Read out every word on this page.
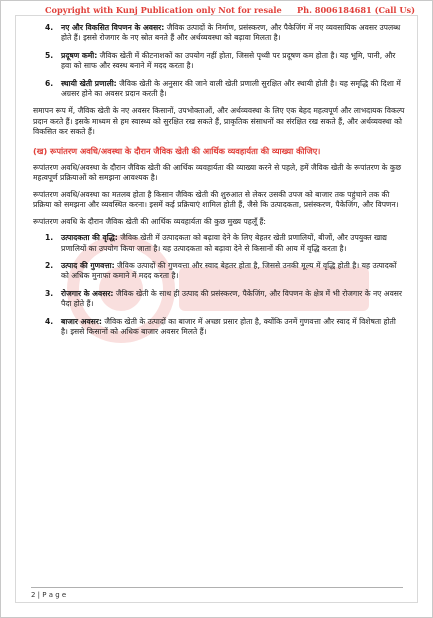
Copyright with Kunj Publication only Not for resale Ph. 8006184681 (Call Us)
4.	नए और विकसित विपणन के अवसर: जैविक उत्पादों के निर्माण, प्रसंस्करण, और पैकेजिंग में नए व्यवसायिक अवसर उपलब्ध होते हैं। इससे रोजगार के नए स्रोत बनते हैं और अर्थव्यवस्था को बढ़ावा मिलता है।
5.	प्रदूषण कमी: जैविक खेती में कीटनाशकों का उपयोग नहीं होता, जिससे पृथ्वी पर प्रदूषण कम होता है। यह भूमि, पानी, और हवा को साफ और स्वस्थ बनाने में मदद करता है।
6.	स्थायी खेती प्रणाली: जैविक खेती के अनुसार की जाने वाली खेती प्रणाली सुरक्षित और स्थायी होती है। यह समृद्धि की दिशा में अग्रसर होने का अवसर प्रदान करती है।

समापन रूप में, जैविक खेती के नए अवसर किसानों, उपभोक्ताओं, और अर्थव्यवस्था के लिए एक बेहद महत्वपूर्ण और लाभदायक विकल्प प्रदान करते हैं। इसके माध्यम से हम स्वास्थ्य को सुरक्षित रख सकते हैं, प्राकृतिक संसाधनों का संरक्षित रख सकते हैं, और अर्थव्यवस्था को विकसित कर सकते हैं।

(ख) रूपांतरण अवधि/अवस्था के दौरान जैविक खेती की आर्थिक व्यवहार्यता की व्याख्या कीजिए।

रूपांतरण अवधि/अवस्था के दौरान जैविक खेती की आर्थिक व्यवहार्यता की व्याख्या करने से पहले, हमें जैविक खेती के रूपांतरण के कुछ महत्वपूर्ण प्रक्रियाओं को समझना आवश्यक है।

रूपांतरण अवधि/अवस्था का मतलब होता है किसान जैविक खेती की शुरुआत से लेकर उसकी उपज को बाजार तक पहुंचाने तक की प्रक्रिया को समझना और व्यवस्थित करना। इसमें कई प्रक्रियाएं शामिल होती हैं, जैसे कि उत्पादकता, प्रसंस्करण, पैकेजिंग, और विपणन।

रूपांतरण अवधि के दौरान जैविक खेती की आर्थिक व्यवहार्यता की कुछ मुख्य पहलूँ हैं:

1.	उत्पादकता की वृद्धि: जैविक खेती में उत्पादकता को बढ़ावा देने के लिए बेहतर खेती प्रणालियों, बीजों, और उपयुक्त खाद्य प्रणालियों का उपयोग किया जाता है। यह उत्पादकता को बढ़ावा देने से किसानों की आय में वृद्धि करता है।
2.	उत्पाद की गुणवत्ता: जैविक उत्पादों की गुणवत्ता और स्वाद बेहतर होता है, जिससे उनकी मूल्य में वृद्धि होती है। यह उत्पादकों को अधिक मुनाफा कमाने में मदद करता है।
3.	रोजगार के अवसर: जैविक खेती के साथ ही उत्पाद की प्रसंस्करण, पैकेजिंग, और विपणन के क्षेत्र में भी रोजगार के नए अवसर पैदा होते हैं।
4.	बाजार अवसर: जैविक खेती के उत्पादों का बाजार में अच्छा प्रसार होता है, क्योंकि उनमें गुणवत्ता और स्वाद में विशेषता होती है। इससे किसानों को अधिक बाजार अवसर मिलते हैं।
2 | P a g e
